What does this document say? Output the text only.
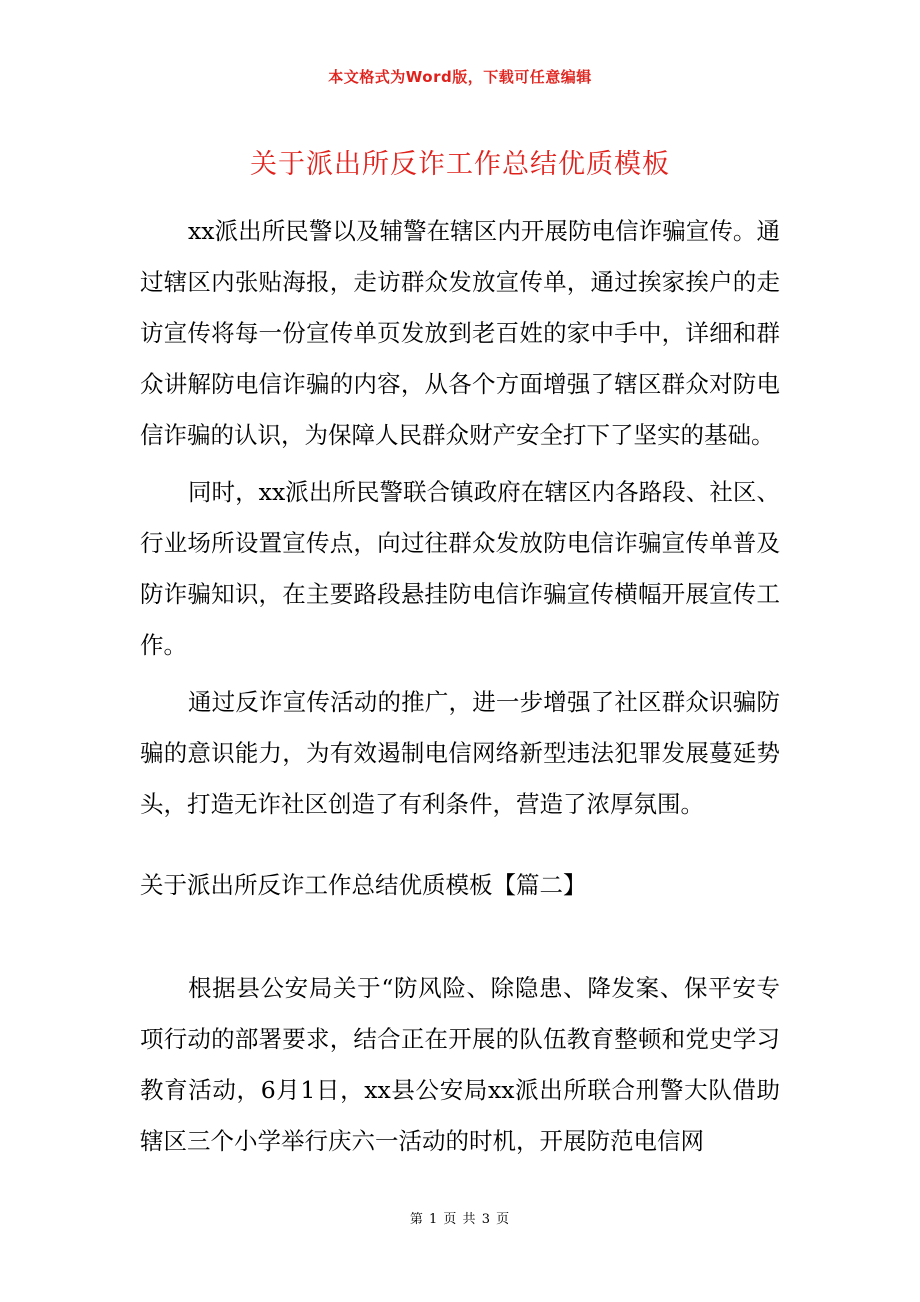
本文格式为Word版，下载可任意编辑
关于派出所反诈工作总结优质模板

xx派出所民警以及辅警在辖区内开展防电信诈骗宣传。通过辖区内张贴海报，走访群众发放宣传单，通过挨家挨户的走访宣传将每一份宣传单页发放到老百姓的家中手中，详细和群众讲解防电信诈骗的内容，从各个方面增强了辖区群众对防电信诈骗的认识，为保障人民群众财产安全打下了坚实的基础。

同时，xx派出所民警联合镇政府在辖区内各路段、社区、行业场所设置宣传点，向过往群众发放防电信诈骗宣传单普及防诈骗知识，在主要路段悬挂防电信诈骗宣传横幅开展宣传工作。

通过反诈宣传活动的推广，进一步增强了社区群众识骗防骗的意识能力，为有效遏制电信网络新型违法犯罪发展蔓延势头，打造无诈社区创造了有利条件，营造了浓厚氛围。

关于派出所反诈工作总结优质模板【篇二】

根据县公安局关于“防风险、除隐患、降发案、保平安专项行动的部署要求，结合正在开展的队伍教育整顿和党史学习教育活动，6月1日，xx县公安局xx派出所联合刑警大队借助辖区三个小学举行庆六一活动的时机，开展防范电信网

第 1 页 共 3 页
